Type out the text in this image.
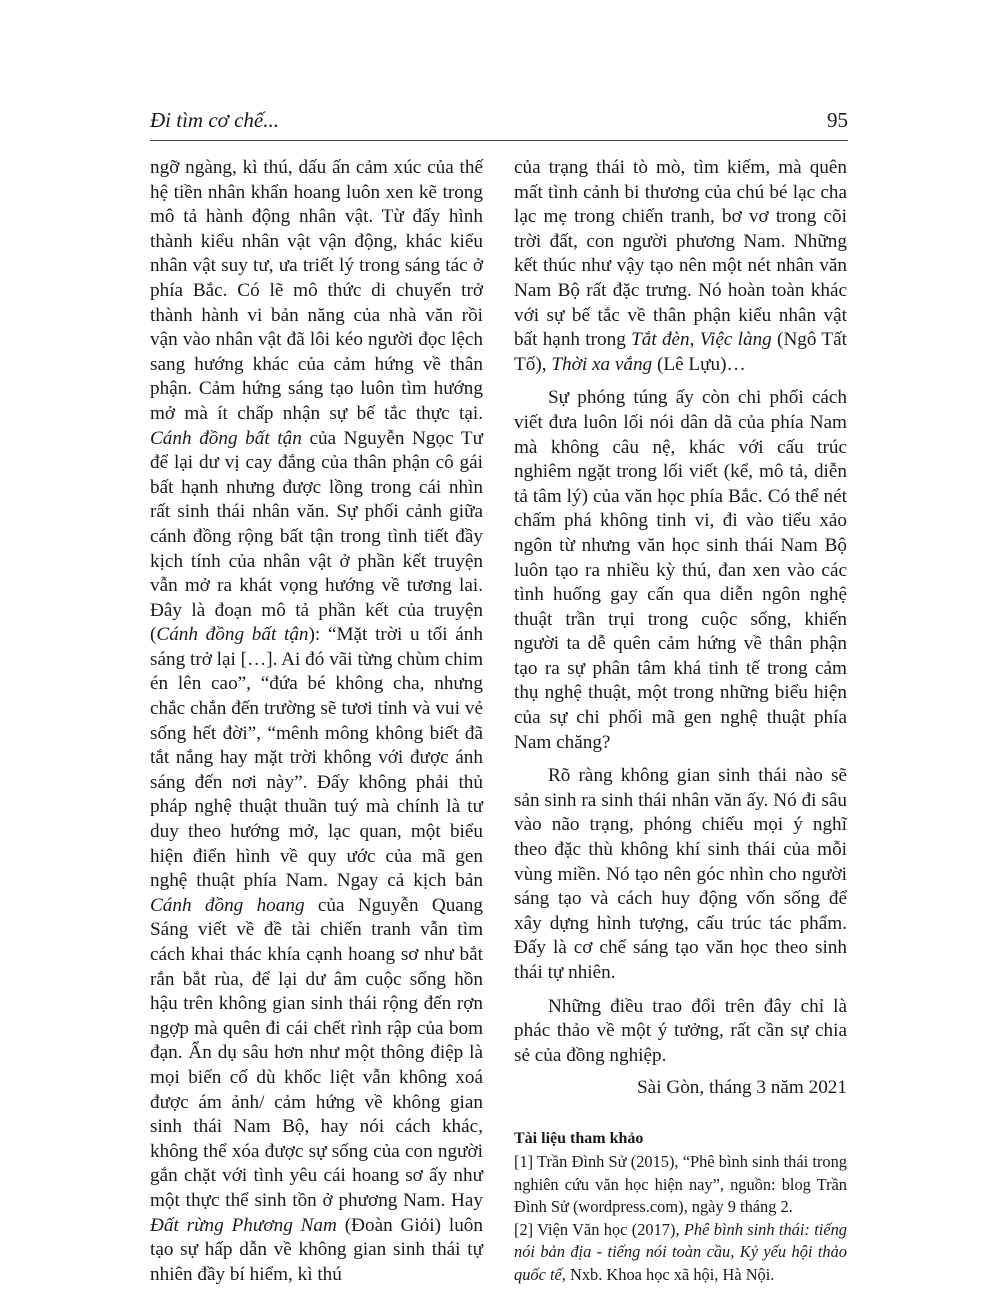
Đi tìm cơ chế...	95

ngỡ ngàng, kì thú, dấu ấn cảm xúc của thế hệ tiền nhân khẩn hoang luôn xen kẽ trong mô tả hành động nhân vật. Từ đấy hình thành kiểu nhân vật vận động, khác kiểu nhân vật suy tư, ưa triết lý trong sáng tác ở phía Bắc. Có lẽ mô thức di chuyển trở thành hành vi bản năng của nhà văn rồi vận vào nhân vật đã lôi kéo người đọc lệch sang hướng khác của cảm hứng về thân phận. Cảm hứng sáng tạo luôn tìm hướng mở mà ít chấp nhận sự bế tắc thực tại. Cánh đồng bất tận của Nguyễn Ngọc Tư để lại dư vị cay đắng của thân phận cô gái bất hạnh nhưng được lồng trong cái nhìn rất sinh thái nhân văn. Sự phối cảnh giữa cánh đồng rộng bất tận trong tình tiết đầy kịch tính của nhân vật ở phần kết truyện vẫn mở ra khát vọng hướng về tương lai. Đây là đoạn mô tả phần kết của truyện (Cánh đồng bất tận): “Mặt trời u tối ánh sáng trở lại […]. Ai đó vãi từng chùm chim én lên cao”, “đứa bé không cha, nhưng chắc chắn đến trường sẽ tươi tỉnh và vui vẻ sống hết đời”, “mênh mông không biết đã tắt nắng hay mặt trời không với được ánh sáng đến nơi này”. Đấy không phải thủ pháp nghệ thuật thuần tuý mà chính là tư duy theo hướng mở, lạc quan, một biểu hiện điển hình về quy ước của mã gen nghệ thuật phía Nam. Ngay cả kịch bản Cánh đồng hoang của Nguyễn Quang Sáng viết về đề tài chiến tranh vẫn tìm cách khai thác khía cạnh hoang sơ như bắt rắn bắt rùa, để lại dư âm cuộc sống hồn hậu trên không gian sinh thái rộng đến rợn ngợp mà quên đi cái chết rình rập của bom đạn. Ẩn dụ sâu hơn như một thông điệp là mọi biến cố dù khốc liệt vẫn không xoá được ám ảnh/ cảm hứng về không gian sinh thái Nam Bộ, hay nói cách khác, không thể xóa được sự sống của con người gắn chặt với tình yêu cái hoang sơ ấy như một thực thể sinh tồn ở phương Nam. Hay Đất rừng Phương Nam (Đoàn Giỏi) luôn tạo sự hấp dẫn về không gian sinh thái tự nhiên đầy bí hiểm, kì thú

của trạng thái tò mò, tìm kiếm, mà quên mất tình cảnh bi thương của chú bé lạc cha lạc mẹ trong chiến tranh, bơ vơ trong cõi trời đất, con người phương Nam. Những kết thúc như vậy tạo nên một nét nhân văn Nam Bộ rất đặc trưng. Nó hoàn toàn khác với sự bế tắc về thân phận kiểu nhân vật bất hạnh trong Tắt đèn, Việc làng (Ngô Tất Tố), Thời xa vắng (Lê Lựu)…

Sự phóng túng ấy còn chi phối cách viết đưa luôn lối nói dân dã của phía Nam mà không câu nệ, khác với cấu trúc nghiêm ngặt trong lối viết (kể, mô tả, diễn tả tâm lý) của văn học phía Bắc. Có thể nét chấm phá không tinh vi, đi vào tiểu xảo ngôn từ nhưng văn học sinh thái Nam Bộ luôn tạo ra nhiều kỳ thú, đan xen vào các tình huống gay cấn qua diễn ngôn nghệ thuật trần trụi trong cuộc sống, khiến người ta dễ quên cảm hứng về thân phận tạo ra sự phân tâm khá tinh tế trong cảm thụ nghệ thuật, một trong những biểu hiện của sự chi phối mã gen nghệ thuật phía Nam chăng?

Rõ ràng không gian sinh thái nào sẽ sản sinh ra sinh thái nhân văn ấy. Nó đi sâu vào não trạng, phóng chiếu mọi ý nghĩ theo đặc thù không khí sinh thái của mỗi vùng miền. Nó tạo nên góc nhìn cho người sáng tạo và cách huy động vốn sống để xây dựng hình tượng, cấu trúc tác phẩm. Đấy là cơ chế sáng tạo văn học theo sinh thái tự nhiên.

Những điều trao đổi trên đây chỉ là phác thảo về một ý tưởng, rất cần sự chia sẻ của đồng nghiệp.

Sài Gòn, tháng 3 năm 2021

Tài liệu tham khảo

[1] Trần Đình Sử (2015), “Phê bình sinh thái trong nghiên cứu văn học hiện nay”, nguồn: blog Trần Đình Sử (wordpress.com), ngày 9 tháng 2.

[2] Viện Văn học (2017), Phê bình sinh thái: tiếng nói bản địa - tiếng nói toàn cầu, Kỷ yếu hội thảo quốc tế, Nxb. Khoa học xã hội, Hà Nội.
